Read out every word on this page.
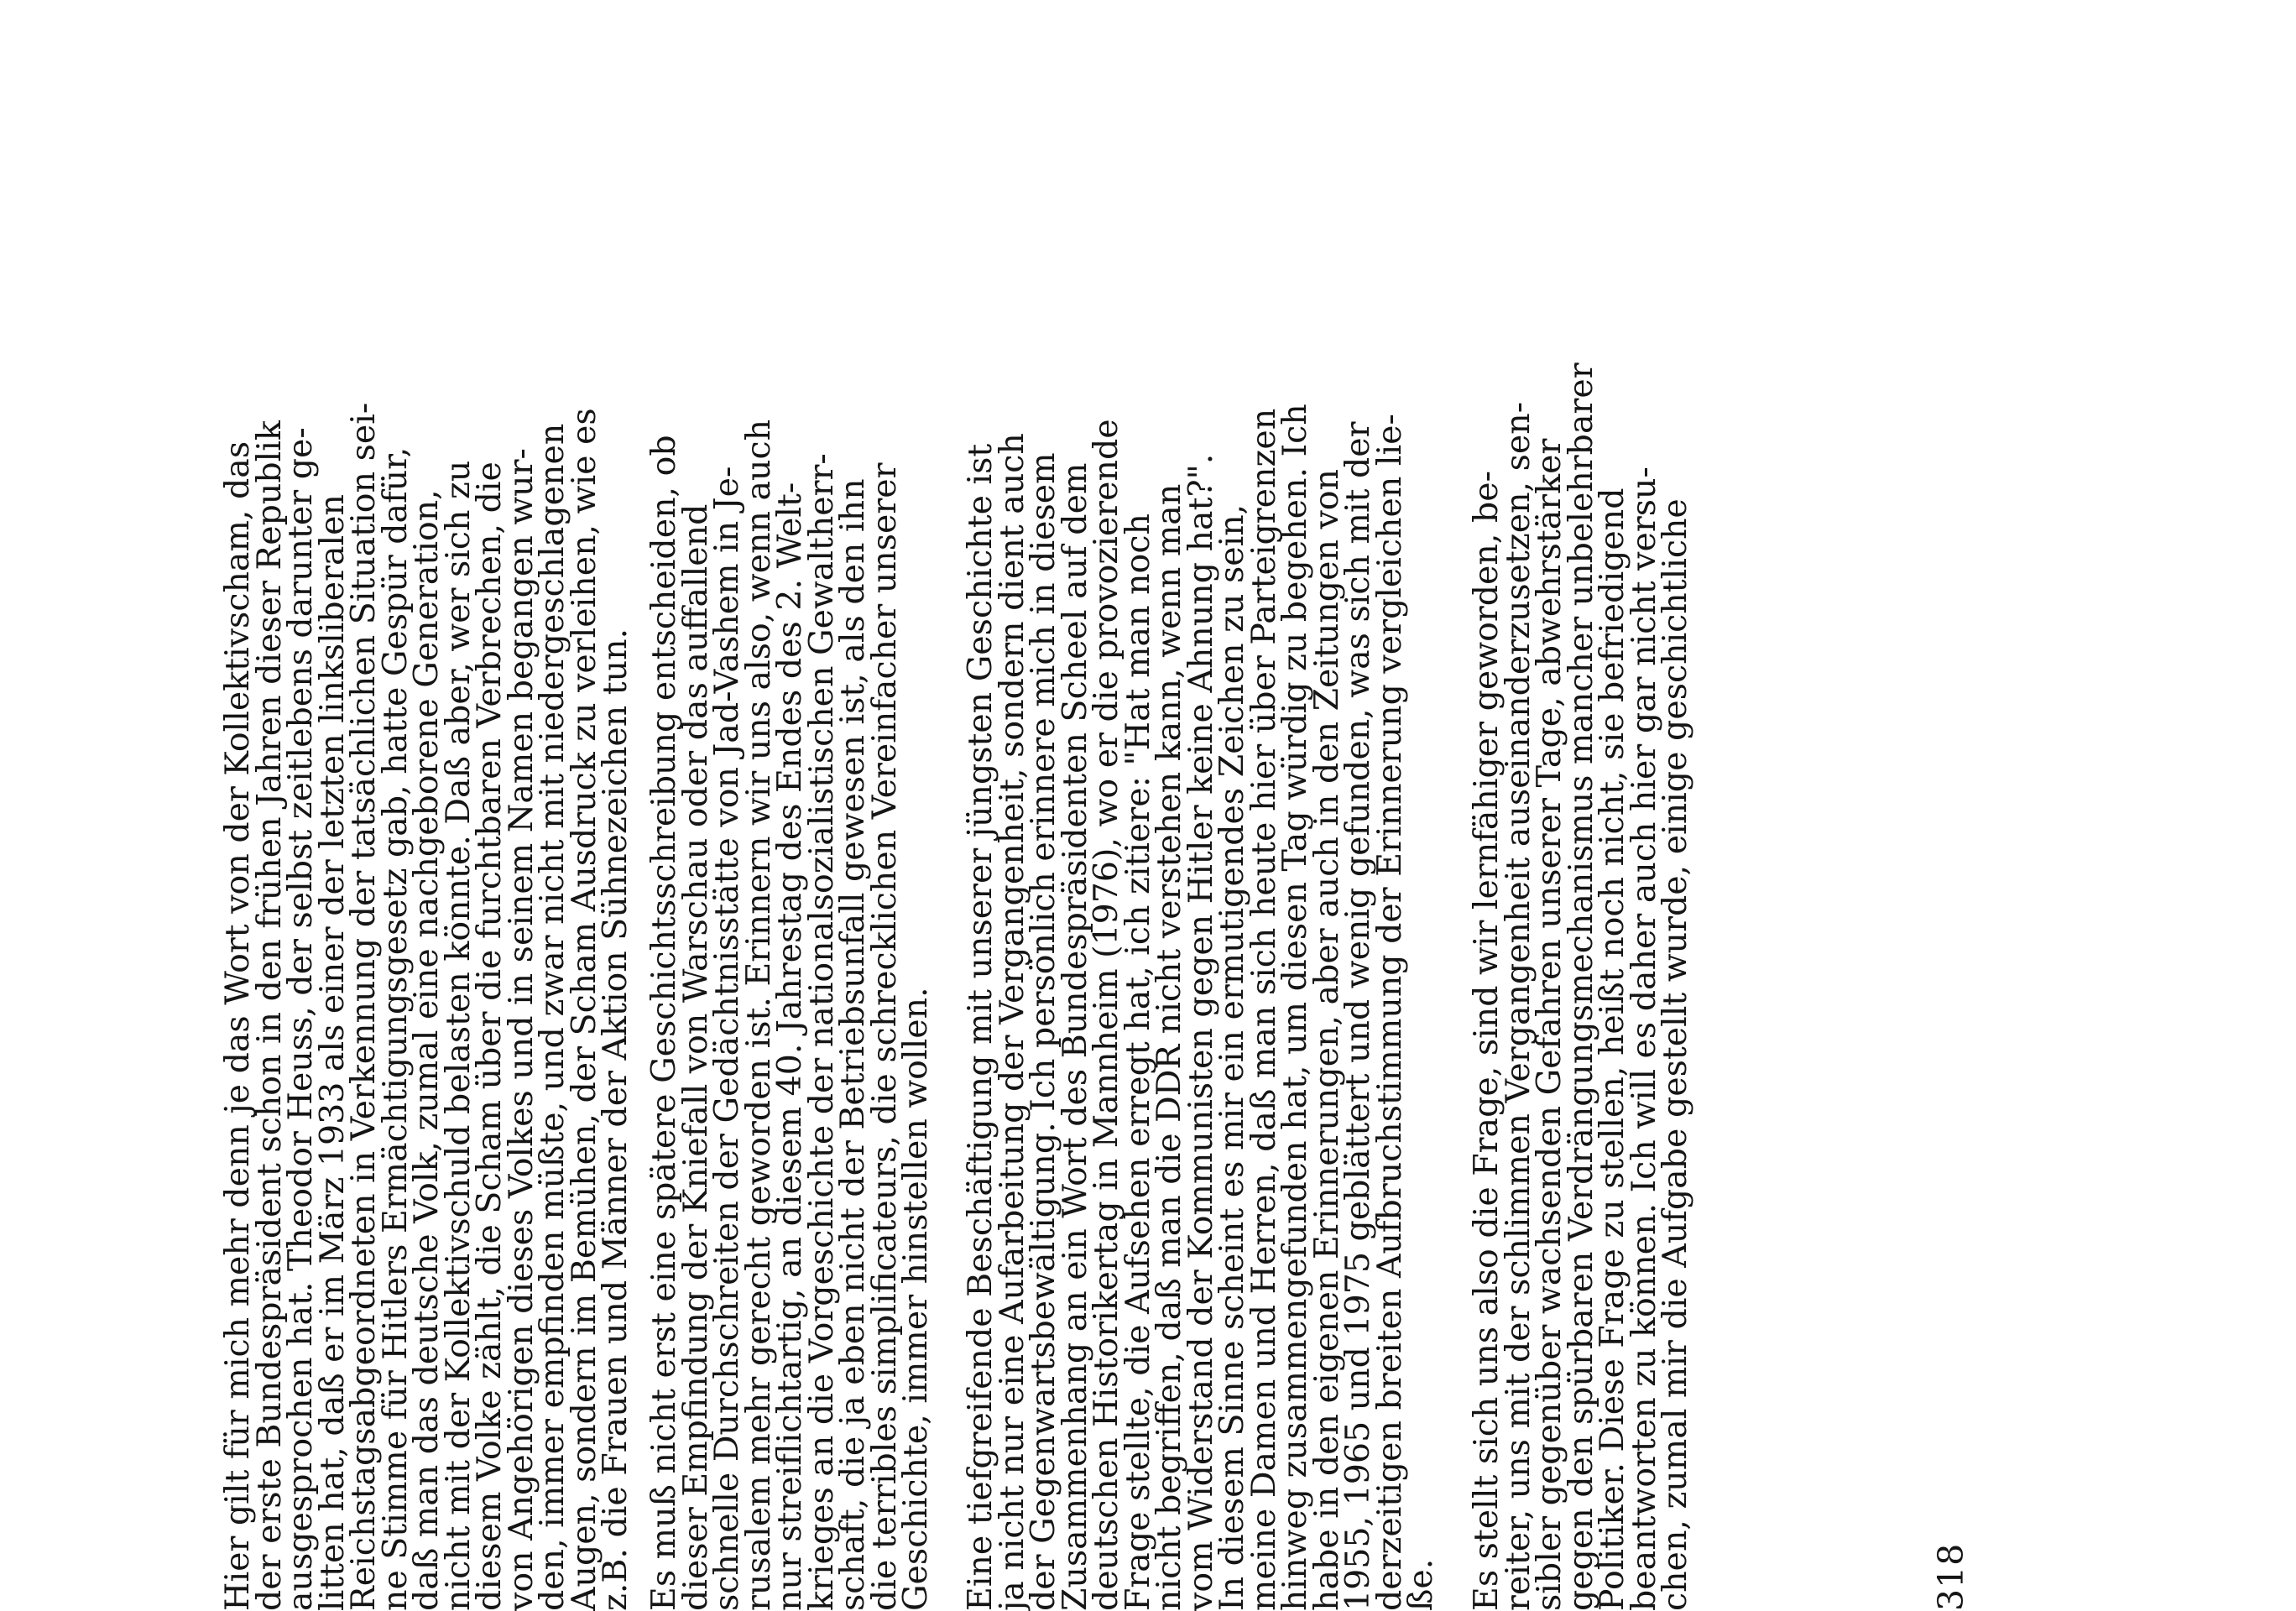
Hier gilt für mich mehr denn je das Wort von der Kollektivscham, das
der erste Bundespräsident schon in den frühen Jahren dieser Republik
ausgesprochen hat. Theodor Heuss, der selbst zeitlebens darunter ge-
litten hat, daß er im März 1933 als einer der letzten linksliberalen
Reichstagsabgeordneten in Verkennung der tatsächlichen Situation sei-
ne Stimme für Hitlers Ermächtigungsgesetz gab, hatte Gespür dafür,
daß man das deutsche Volk, zumal eine nachgeborene Generation,
nicht mit der Kollektivschuld belasten könnte. Daß aber, wer sich zu
diesem Volke zählt, die Scham über die furchtbaren Verbrechen, die
von Angehörigen dieses Volkes und in seinem Namen begangen wur-
den, immer empfinden müßte, und zwar nicht mit niedergeschlagenen
Augen, sondern im Bemühen, der Scham Ausdruck zu verleihen, wie es
z.B. die Frauen und Männer der Aktion Sühnezeichen tun. Es muß nicht erst eine spätere Geschichtsschreibung entscheiden, ob
dieser Empfindung der Kniefall von Warschau oder das auffallend
schnelle Durchschreiten der Gedächtnisstätte von Jad-Vashem in Je-
rusalem mehr gerecht geworden ist. Erinnern wir uns also, wenn auch
nur streiflichtartig, an diesem 40. Jahrestag des Endes des 2. Welt-
krieges an die Vorgeschichte der nationalsozialistischen Gewaltherr-
schaft, die ja eben nicht der Betriebsunfall gewesen ist, als den ihn
die terribles simplificateurs, die schrecklichen Vereinfacher unserer
Geschichte, immer hinstellen wollen. Eine tiefgreifende Beschäftigung mit unserer jüngsten Geschichte ist
ja nicht nur eine Aufarbeitung der Vergangenheit, sondern dient auch
der Gegenwartsbewältigung. Ich persönlich erinnere mich in diesem
Zusammenhang an ein Wort des Bundespräsidenten Scheel auf dem
deutschen Historikertag in Mannheim (1976), wo er die provozierende
Frage stellte, die Aufsehen erregt hat, ich zitiere: "Hat man noch
nicht begriffen, daß man die DDR nicht verstehen kann, wenn man
vom Widerstand der Kommunisten gegen Hitler keine Ahnung hat?".
In diesem Sinne scheint es mir ein ermutigendes Zeichen zu sein,
meine Damen und Herren, daß man sich heute hier über Parteigrenzen
hinweg zusammengefunden hat, um diesen Tag würdig zu begehen. Ich
habe in den eigenen Erinnerungen, aber auch in den Zeitungen von
1955, 1965 und 1975 geblättert und wenig gefunden, was sich mit der
derzeitigen breiten Aufbruchstimmung der Erinnerung vergleichen lie-
ße. Es stellt sich uns also die Frage, sind wir lernfähiger geworden, be-
reiter, uns mit der schlimmen Vergangenheit auseinanderzusetzen, sen-
sibler gegenüber wachsenden Gefahren unserer Tage, abwehrstärker
gegen den spürbaren Verdrängungsmechanismus mancher unbelehrbarer
Politiker. Diese Frage zu stellen, heißt noch nicht, sie befriedigend
beantworten zu können. Ich will es daher auch hier gar nicht versu-
chen, zumal mir die Aufgabe gestellt wurde, einige geschichtliche	318
